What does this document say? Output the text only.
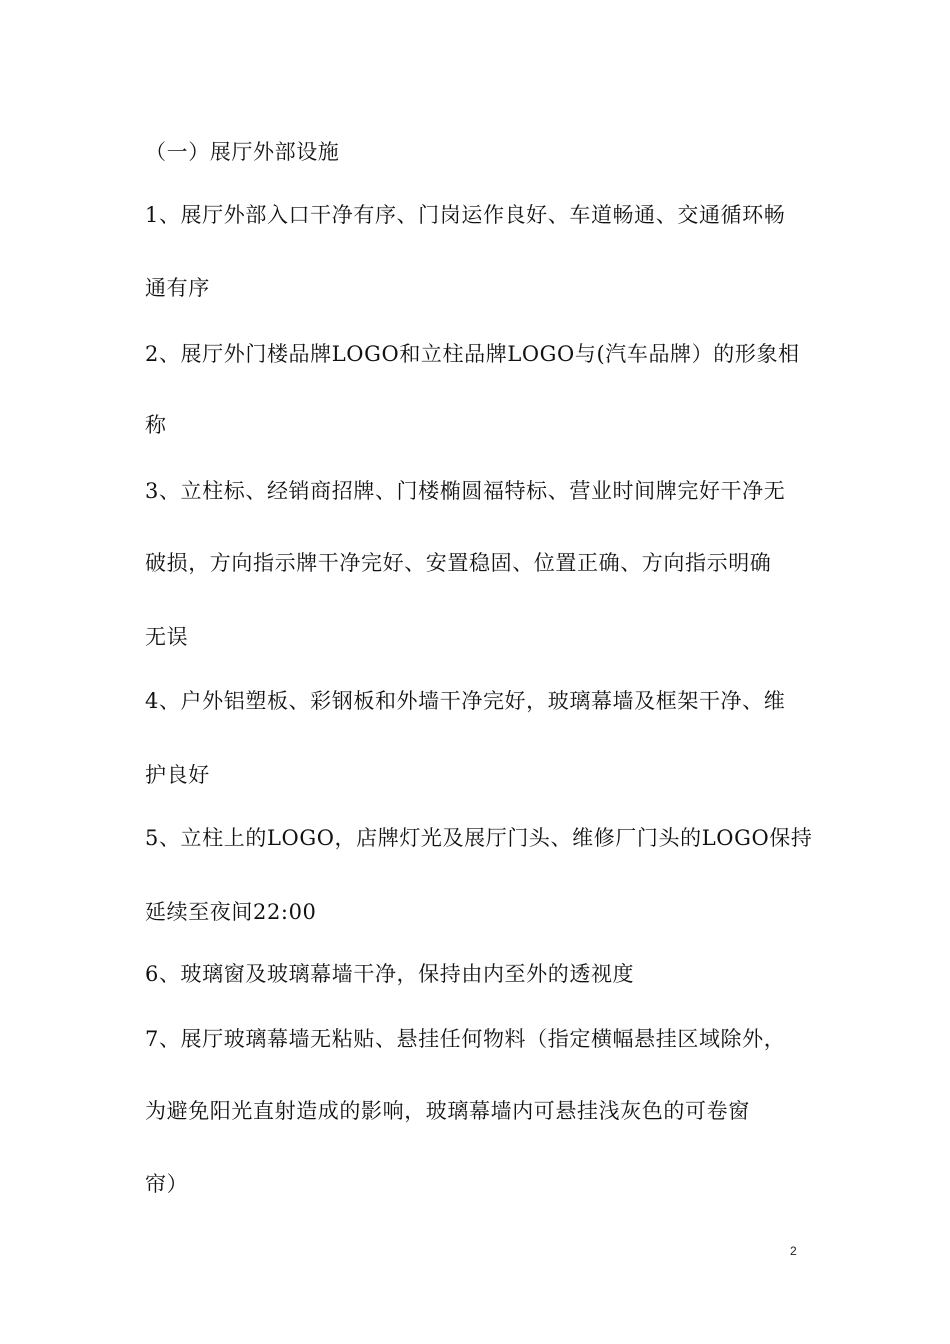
（一）展厅外部设施
1、展厅外部入口干净有序、门岗运作良好、车道畅通、交通循环畅
通有序
2、展厅外门楼品牌LOGO和立柱品牌LOGO与(汽车品牌）的形象相
称
3、立柱标、经销商招牌、门楼椭圆福特标、营业时间牌完好干净无
破损，方向指示牌干净完好、安置稳固、位置正确、方向指示明确
无误
4、户外铝塑板、彩钢板和外墙干净完好，玻璃幕墙及框架干净、维
护良好
5、立柱上的LOGO，店牌灯光及展厅门头、维修厂门头的LOGO保持
延续至夜间22:00
6、玻璃窗及玻璃幕墙干净，保持由内至外的透视度
7、展厅玻璃幕墙无粘贴、悬挂任何物料（指定横幅悬挂区域除外，
为避免阳光直射造成的影响，玻璃幕墙内可悬挂浅灰色的可卷窗
帘）
2
